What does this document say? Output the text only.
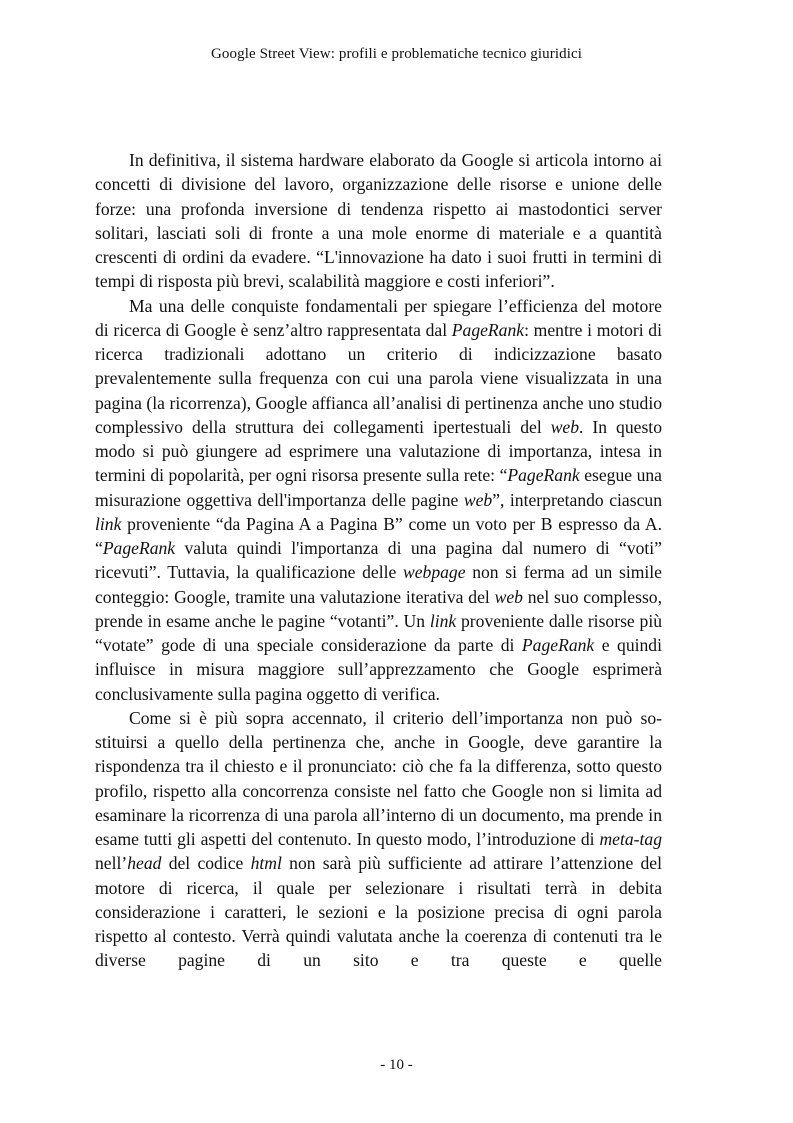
Google Street View: profili e problematiche tecnico giuridici

In definitiva, il sistema hardware elaborato da Google si articola intorno ai concetti di divisione del lavoro, organizzazione delle risorse e unione delle forze: una profonda inversione di tendenza rispetto ai mastodontici server solitari, lasciati soli di fronte a una mole enorme di materiale e a quantità crescenti di ordini da evadere. “L'innovazione ha dato i suoi frutti in termini di tempi di risposta più brevi, scalabilità maggiore e costi inferiori”.

Ma una delle conquiste fondamentali per spiegare l’efficienza del motore di ricerca di Google è senz’altro rappresentata dal PageRank: mentre i motori di ricerca tradizionali adottano un criterio di indicizzazione basato prevalentemente sulla frequenza con cui una parola viene visualizzata in una pagina (la ricorrenza), Google affianca all’analisi di pertinenza anche uno studio complessivo della struttura dei collegamenti ipertestuali del web. In questo modo si può giungere ad esprimere una valutazione di importanza, intesa in termini di popolarità, per ogni risorsa presente sulla rete: “PageRank esegue una misurazione oggettiva dell'importanza delle pagine web”, interpretando ciascun link proveniente “da Pagina A a Pagina B” come un voto per B espresso da A. “PageRank valuta quindi l'importanza di una pagina dal numero di “voti” ricevuti”. Tuttavia, la qualificazione delle webpage non si ferma ad un simile conteggio: Google, tramite una valutazione iterativa del web nel suo complesso, prende in esame anche le pagine “votanti”. Un link proveniente dalle risorse più “votate” gode di una speciale considerazione da parte di PageRank e quindi influisce in misura maggiore sull’apprezzamento che Google esprimerà conclusivamente sulla pagina oggetto di verifica.

Come si è più sopra accennato, il criterio dell’importanza non può sostituirsi a quello della pertinenza che, anche in Google, deve garantire la rispondenza tra il chiesto e il pronunciato: ciò che fa la differenza, sotto questo profilo, rispetto alla concorrenza consiste nel fatto che Google non si limita ad esaminare la ricorrenza di una parola all’interno di un documento, ma prende in esame tutti gli aspetti del contenuto. In questo modo, l’introduzione di meta-tag nell’head del codice html non sarà più sufficiente ad attirare l’attenzione del motore di ricerca, il quale per selezionare i risultati terrà in debita considerazione i caratteri, le sezioni e la posizione precisa di ogni parola rispetto al contesto. Verrà quindi valutata anche la coerenza di contenuti tra le diverse pagine di un sito e tra queste e quelle

- 10 -
